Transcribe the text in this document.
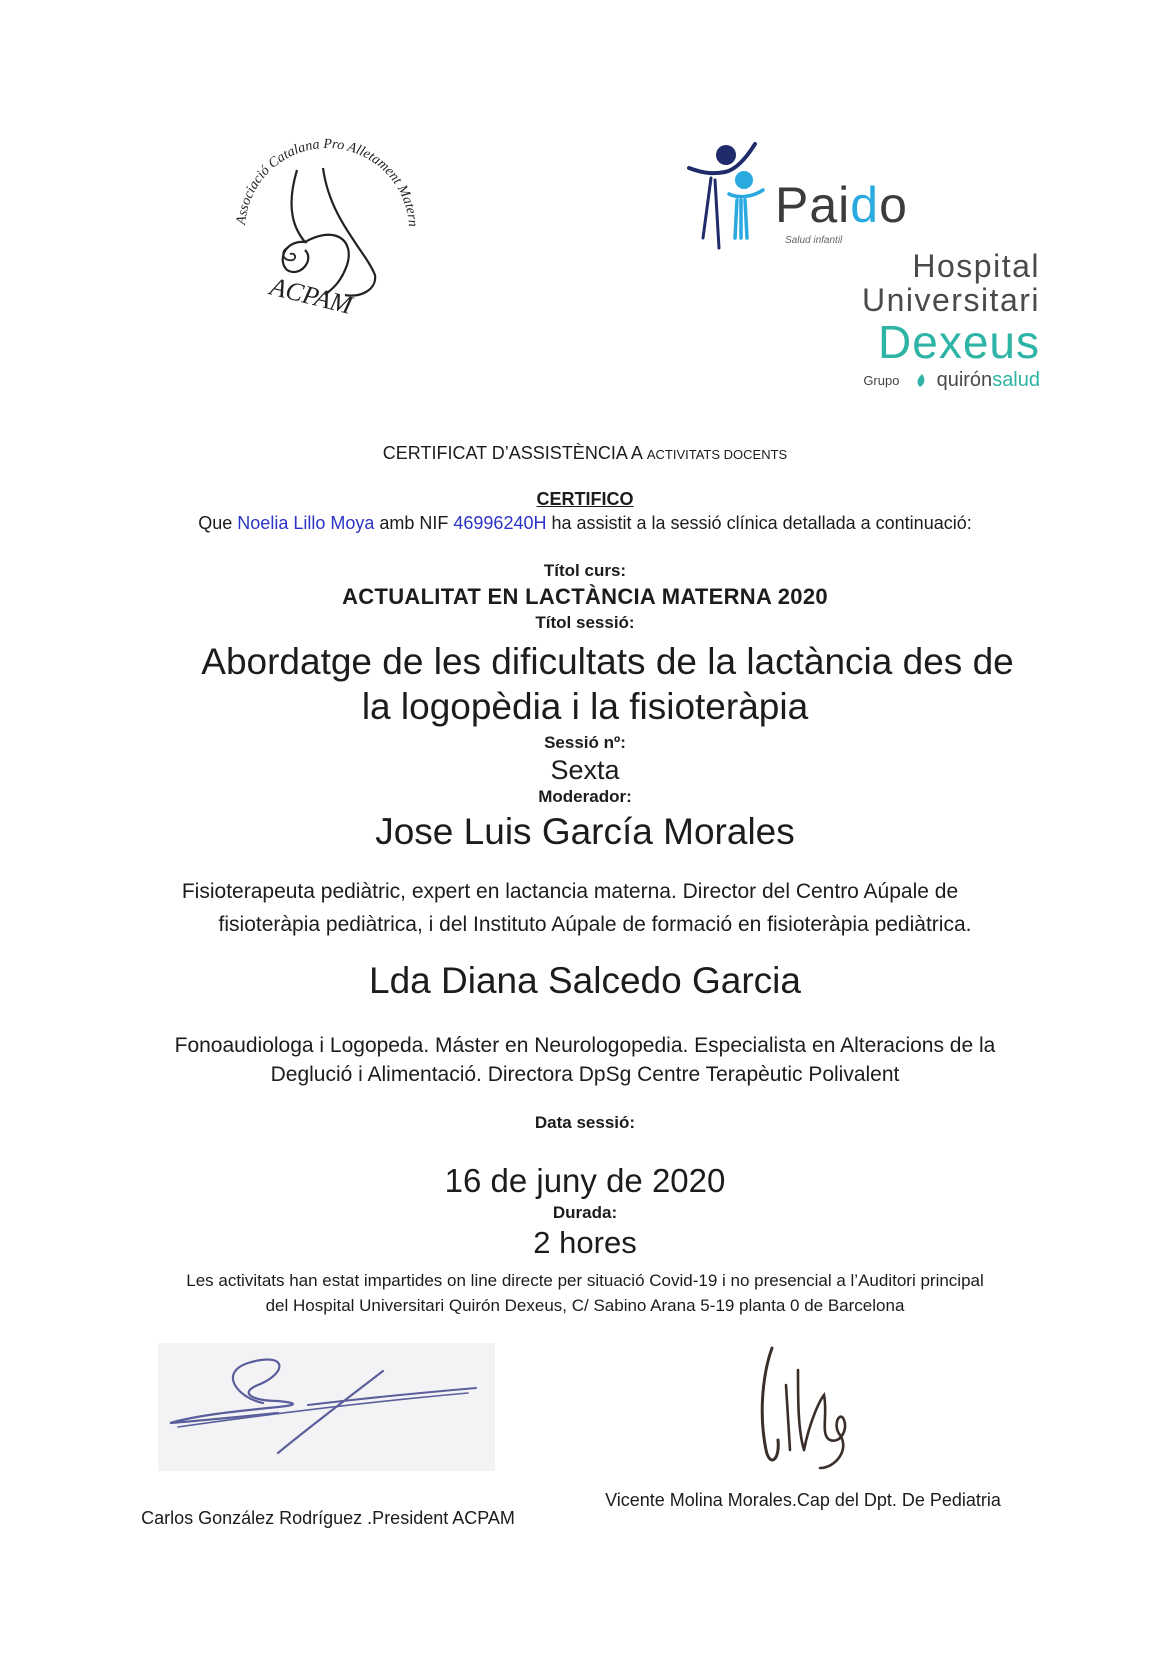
Associació Catalana Pro Alletament Matern
ACPAM
Paido
Salud infantil
Hospital
Universitari
Dexeus
Grupo quirónsalud
CERTIFICAT D’ASSISTÈNCIA A ACTIVITATS DOCENTS
CERTIFICO
Que Noelia Lillo Moya amb NIF 46996240H ha assistit a la sessió clínica detallada a continuació:
Títol curs:
ACTUALITAT EN LACTÀNCIA MATERNA 2020
Títol sessió:
Abordatge de les dificultats de la lactància des de
la logopèdia i la fisioteràpia
Sessió nº:
Sexta
Moderador:
Jose Luis García Morales
Fisioterapeuta pediàtric, expert en lactancia materna. Director del Centro Aúpale de
fisioteràpia pediàtrica, i del Instituto Aúpale de formació en fisioteràpia pediàtrica.
Lda Diana Salcedo Garcia
Fonoaudiologa i Logopeda. Máster en Neurologopedia. Especialista en Alteracions de la
Deglució i Alimentació. Directora DpSg Centre Terapèutic Polivalent
Data sessió:
16 de juny de 2020
Durada:
2 hores
Les activitats han estat impartides on line directe per situació Covid-19 i no presencial a l’Auditori principal
del Hospital Universitari Quirón Dexeus, C/ Sabino Arana 5-19 planta 0 de Barcelona
Carlos González Rodríguez .President ACPAM
Vicente Molina Morales.Cap del Dpt. De Pediatria
